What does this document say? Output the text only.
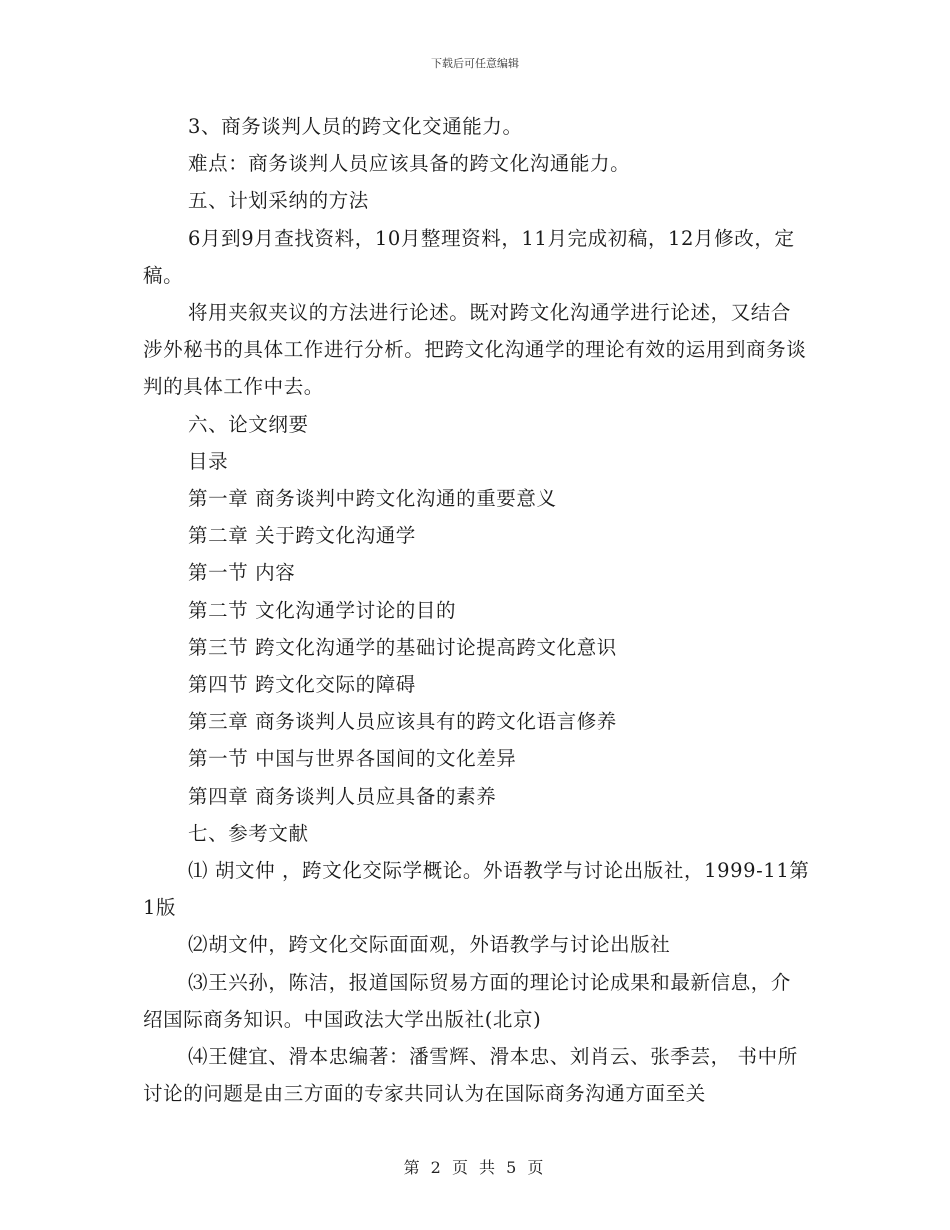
下载后可任意编辑

3、商务谈判人员的跨文化交通能力。

难点：商务谈判人员应该具备的跨文化沟通能力。

五、计划采纳的方法

6月到9月查找资料，10月整理资料，11月完成初稿，12月修改，定稿。

将用夹叙夹议的方法进行论述。既对跨文化沟通学进行论述，又结合涉外秘书的具体工作进行分析。把跨文化沟通学的理论有效的运用到商务谈判的具体工作中去。

六、论文纲要

目录

第一章 商务谈判中跨文化沟通的重要意义

第二章 关于跨文化沟通学

第一节 内容

第二节 文化沟通学讨论的目的

第三节 跨文化沟通学的基础讨论提高跨文化意识

第四节 跨文化交际的障碍

第三章 商务谈判人员应该具有的跨文化语言修养

第一节 中国与世界各国间的文化差异

第四章 商务谈判人员应具备的素养

七、参考文献

⑴ 胡文仲 ，跨文化交际学概论。外语教学与讨论出版社，1999-11第1版

⑵胡文仲，跨文化交际面面观，外语教学与讨论出版社

⑶王兴孙，陈洁，报道国际贸易方面的理论讨论成果和最新信息，介绍国际商务知识。中国政法大学出版社(北京)

⑷王健宜、滑本忠编著：潘雪辉、滑本忠、刘肖云、张季芸， 书中所讨论的问题是由三方面的专家共同认为在国际商务沟通方面至关

第 2 页 共 5 页
